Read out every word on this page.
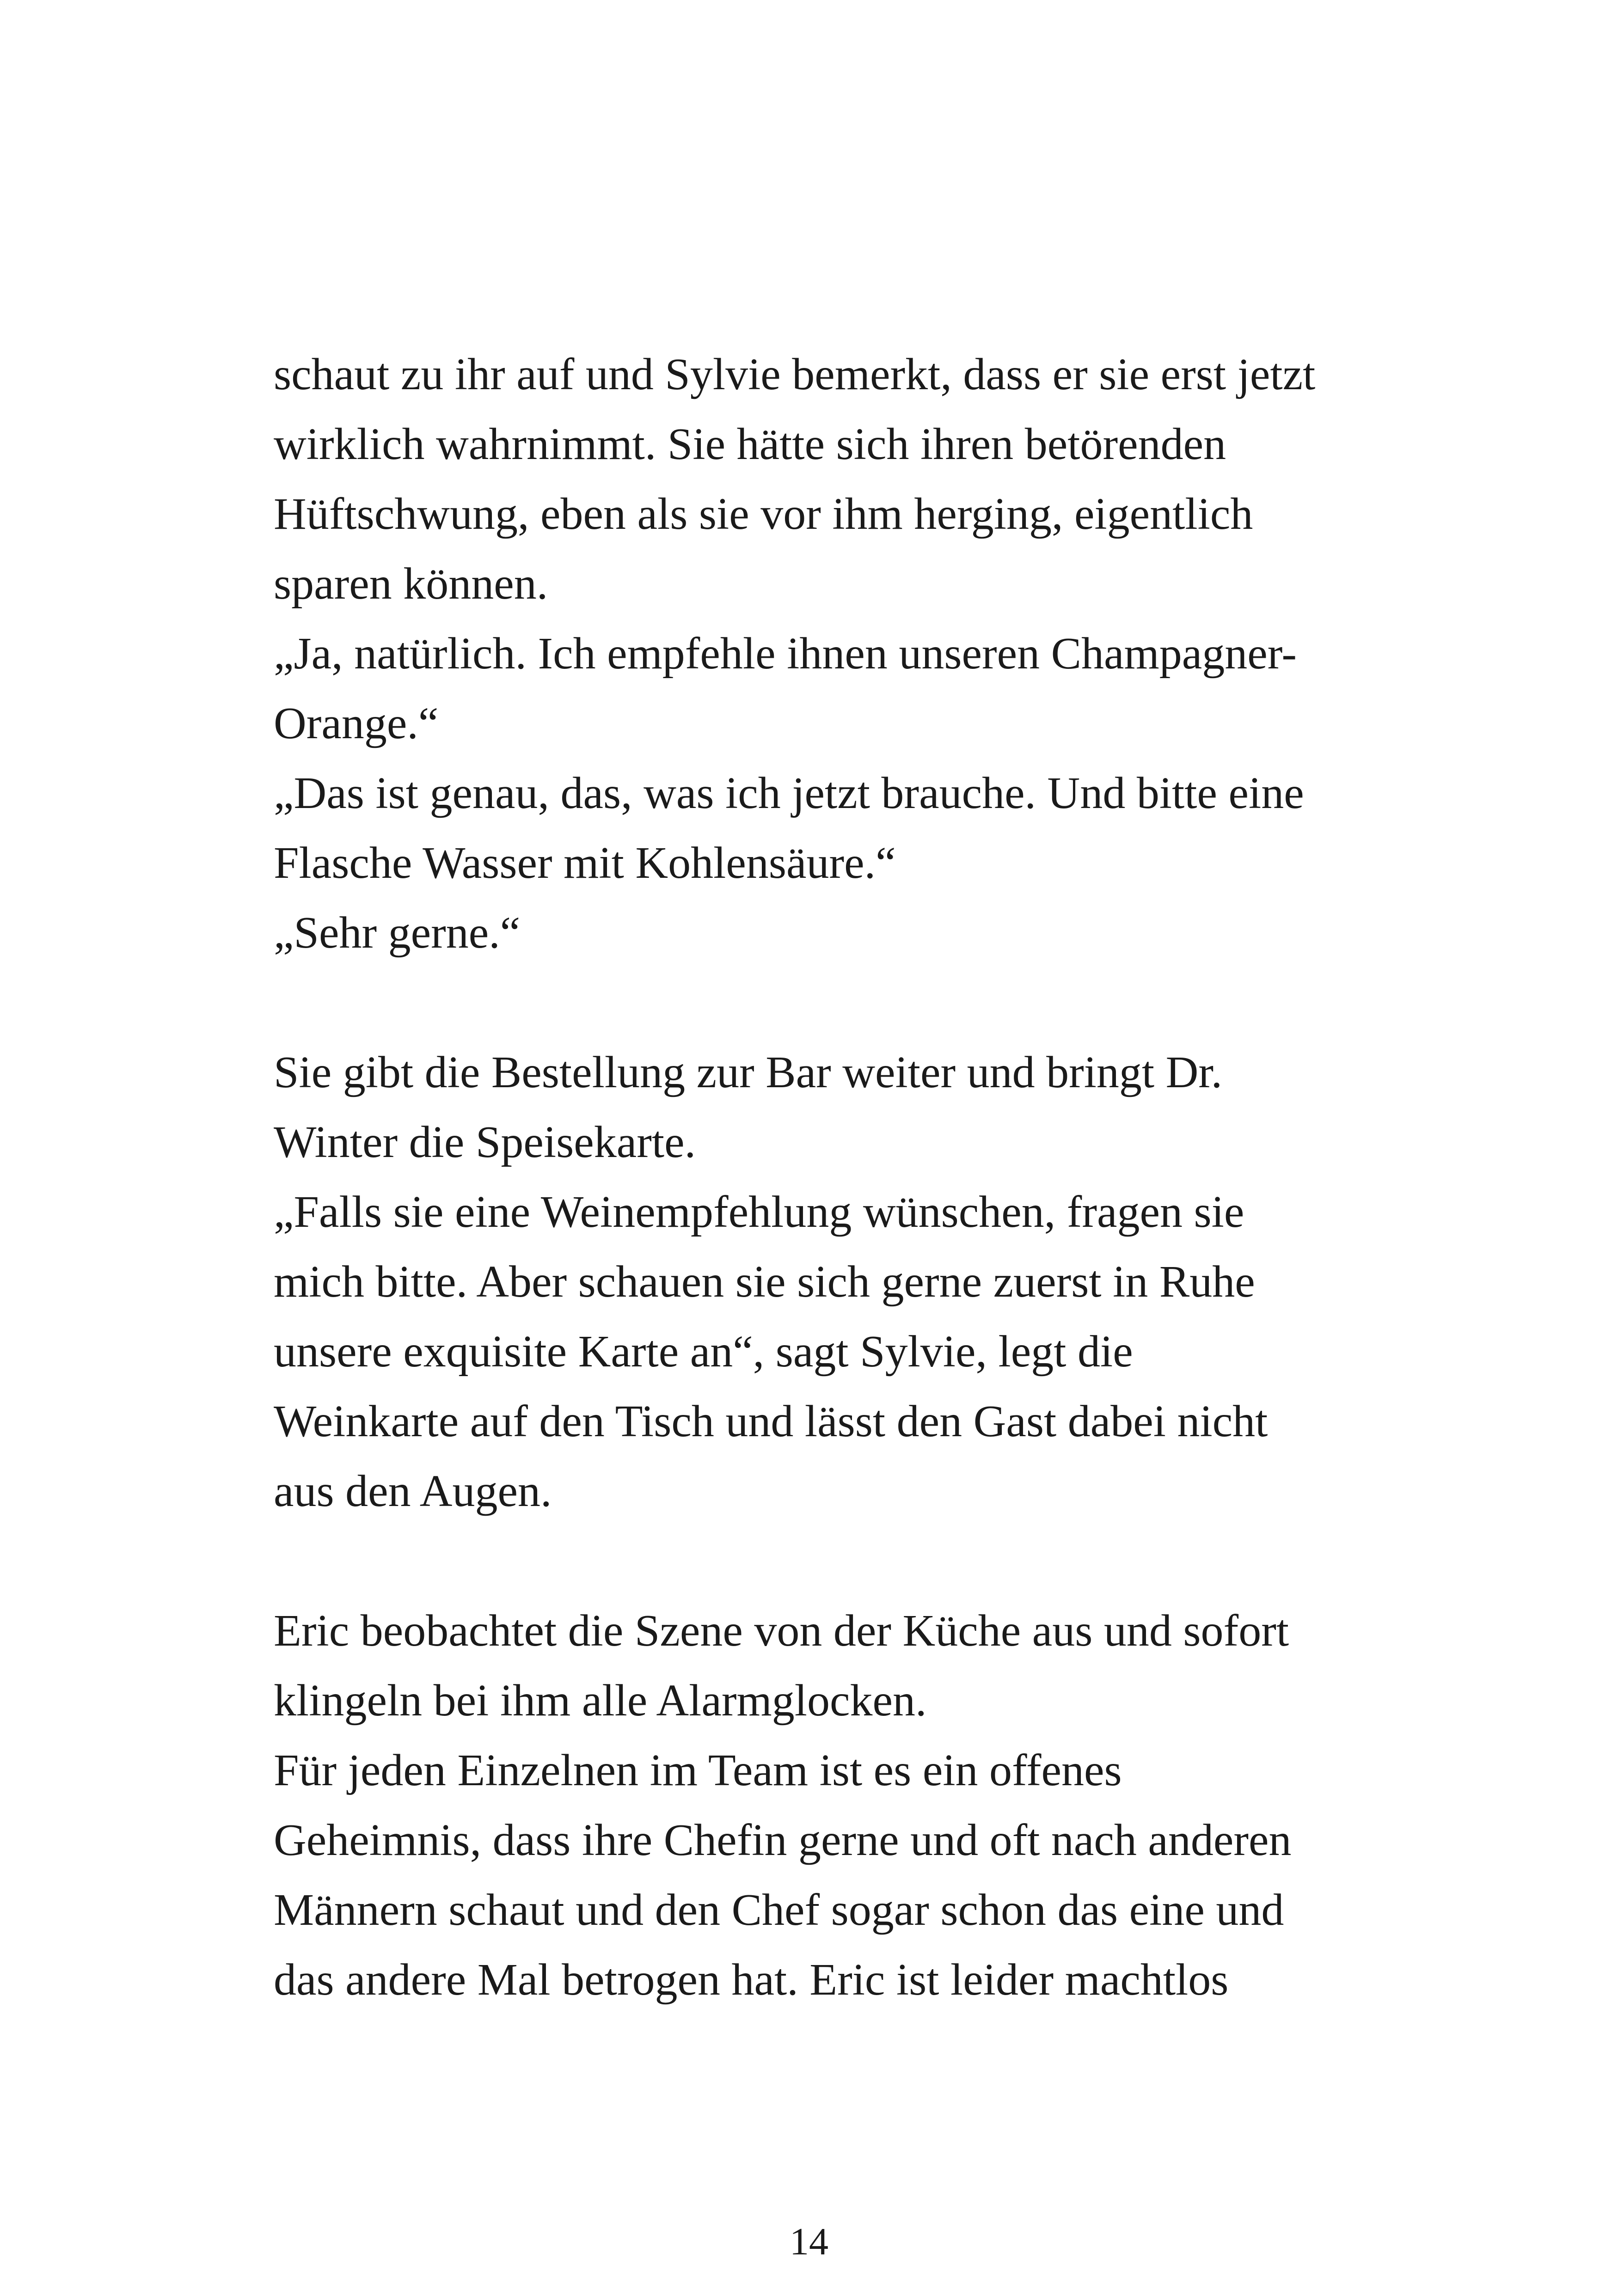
schaut zu ihr auf und Sylvie bemerkt, dass er sie erst jetzt
wirklich wahrnimmt. Sie hätte sich ihren betörenden
Hüftschwung, eben als sie vor ihm herging, eigentlich
sparen können.
„Ja, natürlich. Ich empfehle ihnen unseren Champagner-
Orange.“
„Das ist genau, das, was ich jetzt brauche. Und bitte eine
Flasche Wasser mit Kohlensäure.“
„Sehr gerne.“
Sie gibt die Bestellung zur Bar weiter und bringt Dr.
Winter die Speisekarte.
„Falls sie eine Weinempfehlung wünschen, fragen sie
mich bitte. Aber schauen sie sich gerne zuerst in Ruhe
unsere exquisite Karte an“, sagt Sylvie, legt die
Weinkarte auf den Tisch und lässt den Gast dabei nicht
aus den Augen.
Eric beobachtet die Szene von der Küche aus und sofort
klingeln bei ihm alle Alarmglocken.
Für jeden Einzelnen im Team ist es ein offenes
Geheimnis, dass ihre Chefin gerne und oft nach anderen
Männern schaut und den Chef sogar schon das eine und
das andere Mal betrogen hat. Eric ist leider machtlos
14
